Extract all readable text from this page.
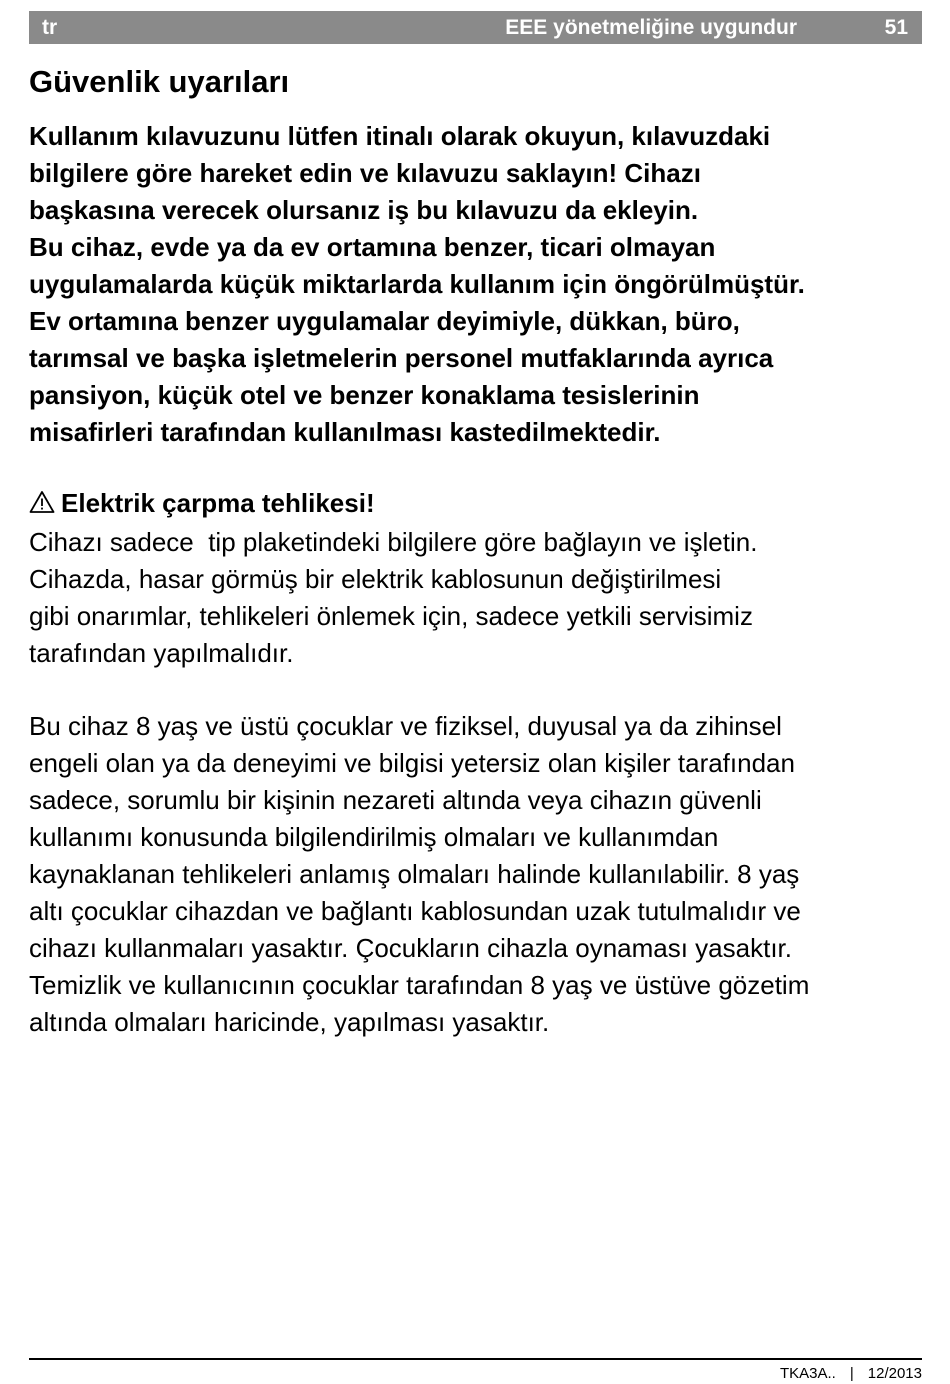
tr	EEE yönetmeliğine uygundur	51
Güvenlik uyarıları
Kullanım kılavuzunu lütfen itinalı olarak okuyun, kılavuzdaki
bilgilere göre hareket edin ve kılavuzu saklayın! Cihazı
başkasına verecek olursanız iş bu kılavuzu da ekleyin.
Bu cihaz, evde ya da ev ortamına benzer, ticari olmayan
uygulamalarda küçük miktarlarda kullanım için öngörülmüştür.
Ev ortamına benzer uygulamalar deyimiyle, dükkan, büro,
tarımsal ve başka işletmelerin personel mutfaklarında ayrıca
pansiyon, küçük otel ve benzer konaklama tesislerinin
misafirleri tarafından kullanılması kastedilmektedir.
Elektrik çarpma tehlikesi!
Cihazı sadece  tip plaketindeki bilgilere göre bağlayın ve işletin.
Cihazda, hasar görmüş bir elektrik kablosunun değiştirilmesi
gibi onarımlar, tehlikeleri önlemek için, sadece yetkili servisimiz
tarafından yapılmalıdır.
Bu cihaz 8 yaş ve üstü çocuklar ve fiziksel, duyusal ya da zihinsel
engeli olan ya da deneyimi ve bilgisi yetersiz olan kişiler tarafından
sadece, sorumlu bir kişinin nezareti altında veya cihazın güvenli
kullanımı konusunda bilgilendirilmiş olmaları ve kullanımdan
kaynaklanan tehlikeleri anlamış olmaları halinde kullanılabilir. 8 yaş
altı çocuklar cihazdan ve bağlantı kablosundan uzak tutulmalıdır ve
cihazı kullanmaları yasaktır. Çocukların cihazla oynaması yasaktır.
Temizlik ve kullanıcının çocuklar tarafından 8 yaş ve üstüve gözetim
altında olmaları haricinde, yapılması yasaktır.
TKA3A.. | 12/2013
